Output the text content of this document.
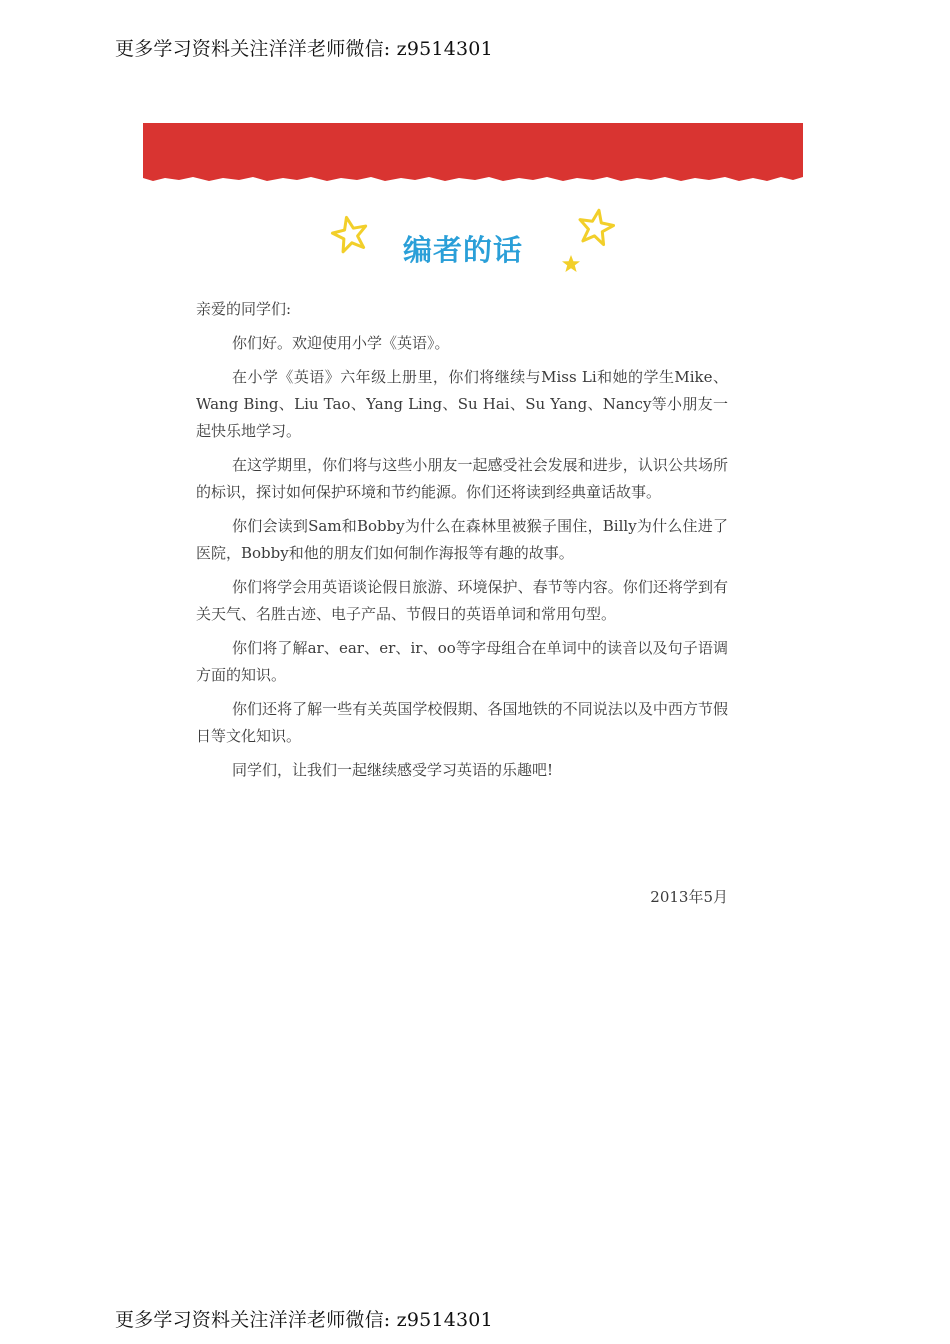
更多学习资料关注洋洋老师微信: z9514301
编者的话

亲爱的同学们:

你们好。欢迎使用小学《英语》。

在小学《英语》六年级上册里，你们将继续与Miss Li和她的学生Mike、Wang Bing、Liu Tao、Yang Ling、Su Hai、Su Yang、Nancy等小朋友一起快乐地学习。

在这学期里，你们将与这些小朋友一起感受社会发展和进步，认识公共场所的标识，探讨如何保护环境和节约能源。你们还将读到经典童话故事。

你们会读到Sam和Bobby为什么在森林里被猴子围住，Billy为什么住进了医院，Bobby和他的朋友们如何制作海报等有趣的故事。

你们将学会用英语谈论假日旅游、环境保护、春节等内容。你们还将学到有关天气、名胜古迹、电子产品、节假日的英语单词和常用句型。

你们将了解ar、ear、er、ir、oo等字母组合在单词中的读音以及句子语调方面的知识。

你们还将了解一些有关英国学校假期、各国地铁的不同说法以及中西方节假日等文化知识。

同学们，让我们一起继续感受学习英语的乐趣吧!

2013年5月
更多学习资料关注洋洋老师微信: z9514301
